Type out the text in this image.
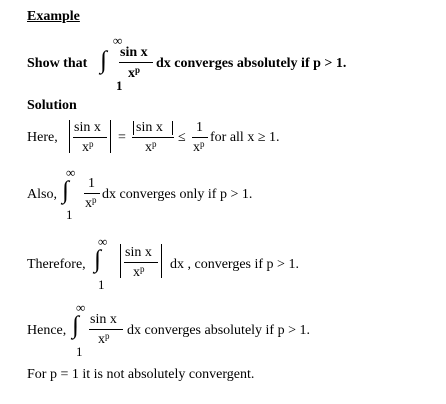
Example
Show that
∞
∫
1
sin x
$x^p$ dx converges absolutely if p > 1.
Solution
Here,
sin x
$x^p$ =
sin x
$x^p$ ≤
1
$x^p$ for all x ≥ 1.
Also,
∞
∫
1
1
$x^p$ dx converges only if p > 1.
Therefore,
∞
∫
1
sin x
$x^p$ dx , converges if p > 1.
Hence,
∞
∫
1
sin x
$x^p$ dx converges absolutely if p > 1.
For p = 1 it is not absolutely convergent.
